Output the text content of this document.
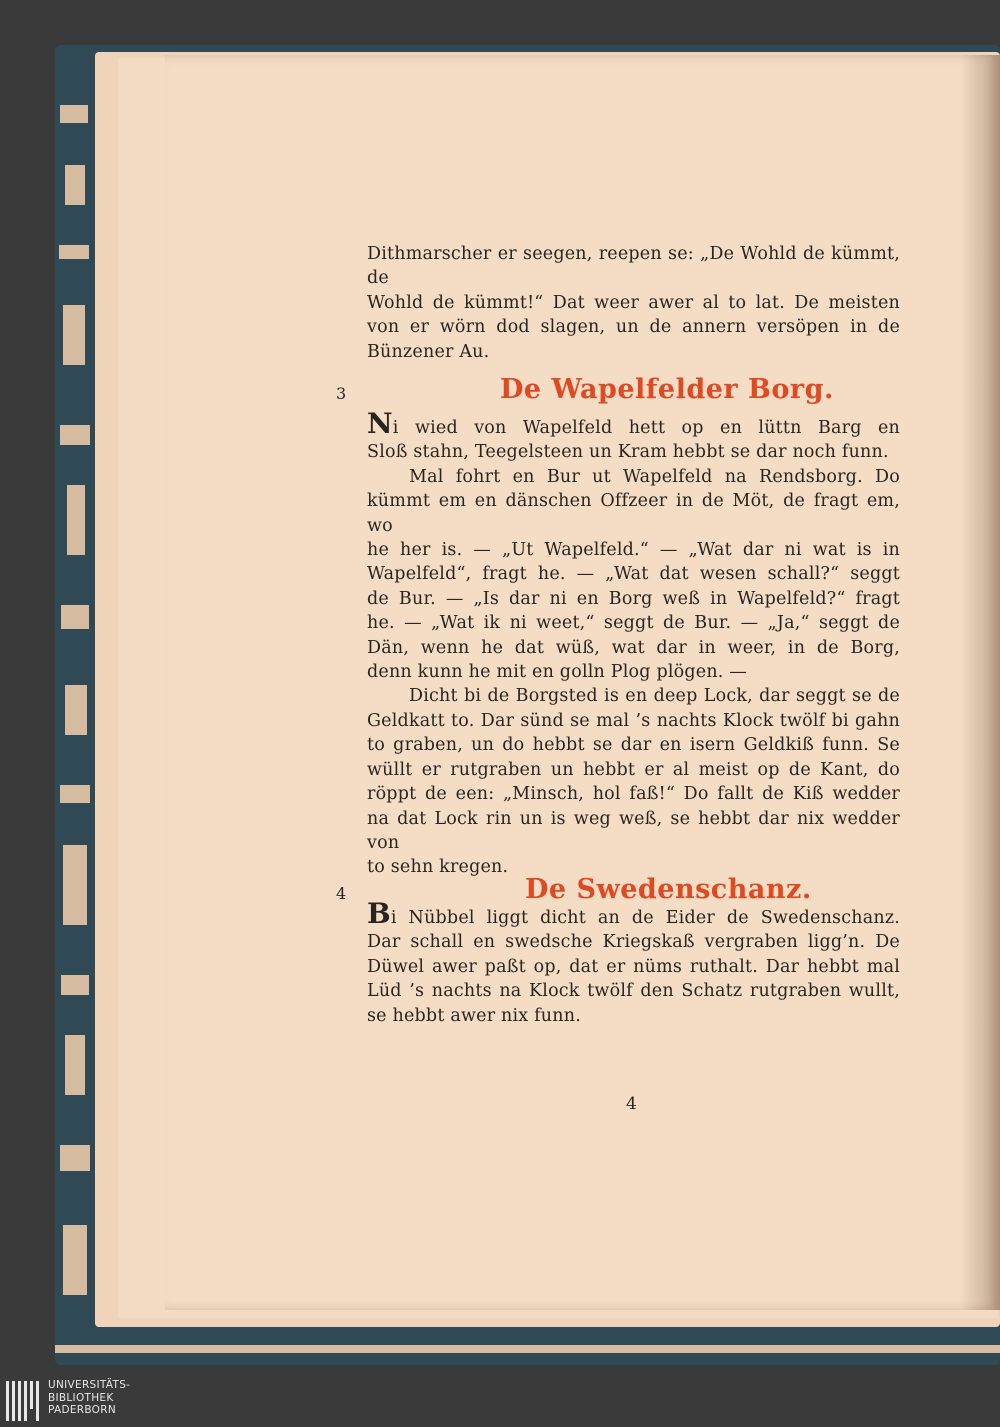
Dithmarscher er seegen, reepen se: „De Wohld de kümmt, de

Wohld de kümmt!“ Dat weer awer al to lat. De meisten

von er wörn dod slagen, un de annern versöpen in de

Bünzener Au.

3	De Wapelfelder Borg.

Ni wied von Wapelfeld hett op en lüttn Barg en

Sloß stahn, Teegelsteen un Kram hebbt se dar noch funn.

Mal fohrt en Bur ut Wapelfeld na Rendsborg. Do

kümmt em en dänschen Offzeer in de Möt, de fragt em, wo

he her is. — „Ut Wapelfeld.“ — „Wat dar ni wat is in

Wapelfeld“, fragt he. — „Wat dat wesen schall?“ seggt

de Bur. — „Is dar ni en Borg weß in Wapelfeld?“ fragt

he. — „Wat ik ni weet,“ seggt de Bur. — „Ja,“ seggt de

Dän, wenn he dat wüß, wat dar in weer, in de Borg,

denn kunn he mit en golln Plog plögen. —

Dicht bi de Borgsted is en deep Lock, dar seggt se de

Geldkatt to. Dar sünd se mal ’s nachts Klock twölf bi gahn

to graben, un do hebbt se dar en isern Geldkiß funn. Se

wüllt er rutgraben un hebbt er al meist op de Kant, do

röppt de een: „Minsch, hol faß!“ Do fallt de Kiß wedder

na dat Lock rin un is weg weß, se hebbt dar nix wedder von

to sehn kregen.

4	De Swedenschanz.

Bi Nübbel liggt dicht an de Eider de Swedenschanz.

Dar schall en swedsche Kriegskaß vergraben ligg’n. De

Düwel awer paßt op, dat er nüms ruthalt. Dar hebbt mal

Lüd ’s nachts na Klock twölf den Schatz rutgraben wullt,

se hebbt awer nix funn.

4
UNIVERSITÄTS-
BIBLIOTHEK
PADERBORN
